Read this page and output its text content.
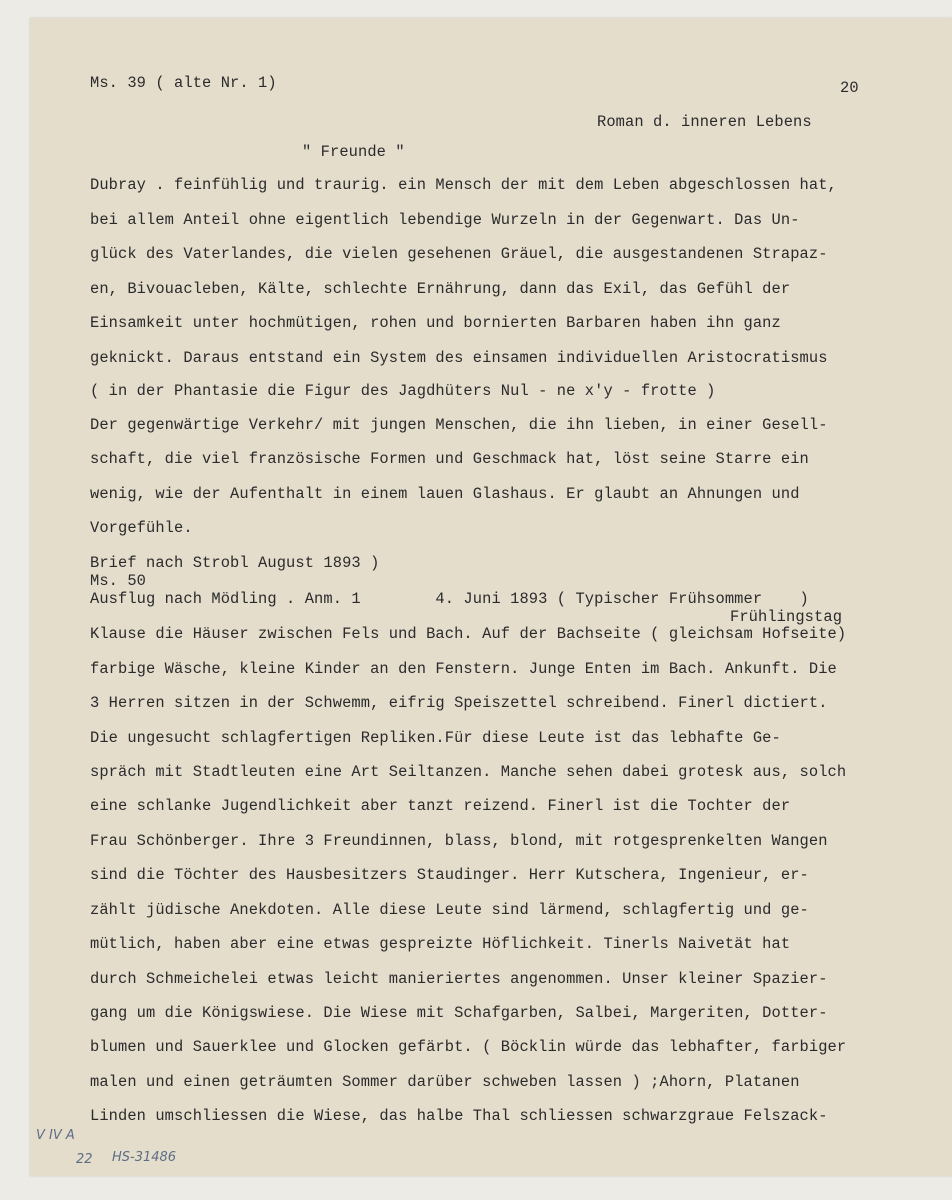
Ms. 39 ( alte Nr. 1)	20
Roman d. inneren Lebens
" Freunde "
Dubray . feinfühlig und traurig. ein Mensch der mit dem Leben abgeschlossen hat,
bei allem Anteil ohne eigentlich lebendige Wurzeln in der Gegenwart. Das Un-
glück des Vaterlandes, die vielen gesehenen Gräuel, die ausgestandenen Strapaz-
en, Bivouacleben, Kälte, schlechte Ernährung, dann das Exil, das Gefühl der
Einsamkeit unter hochmütigen, rohen und bornierten Barbaren haben ihn ganz
geknickt. Daraus entstand ein System des einsamen individuellen Aristocratismus
( in der Phantasie die Figur des Jagdhüters Nul - ne x'y - frotte )
Der gegenwärtige Verkehr/ mit jungen Menschen, die ihn lieben, in einer Gesell-
schaft, die viel französische Formen und Geschmack hat, löst seine Starre ein
wenig, wie der Aufenthalt in einem lauen Glashaus. Er glaubt an Ahnungen und
Vorgefühle.
Brief nach Strobl August 1893 )
Ms. 50
Ausflug nach Mödling . Anm. 1        4. Juni 1893 ( Typischer Frühsommer    )
Frühlingstag
Klause die Häuser zwischen Fels und Bach. Auf der Bachseite ( gleichsam Hofseite)
farbige Wäsche, kleine Kinder an den Fenstern. Junge Enten im Bach. Ankunft. Die
3 Herren sitzen in der Schwemm, eifrig Speiszettel schreibend. Finerl dictiert.
Die ungesucht schlagfertigen Repliken.Für diese Leute ist das lebhafte Ge-
spräch mit Stadtleuten eine Art Seiltanzen. Manche sehen dabei grotesk aus, solch
eine schlanke Jugendlichkeit aber tanzt reizend. Finerl ist die Tochter der
Frau Schönberger. Ihre 3 Freundinnen, blass, blond, mit rotgesprenkelten Wangen
sind die Töchter des Hausbesitzers Staudinger. Herr Kutschera, Ingenieur, er-
zählt jüdische Anekdoten. Alle diese Leute sind lärmend, schlagfertig und ge-
mütlich, haben aber eine etwas gespreizte Höflichkeit. Tinerls Naivetät hat
durch Schmeichelei etwas leicht manieriertes angenommen. Unser kleiner Spazier-
gang um die Königswiese. Die Wiese mit Schafgarben, Salbei, Margeriten, Dotter-
blumen und Sauerklee und Glocken gefärbt. ( Böcklin würde das lebhafter, farbiger
malen und einen geträumten Sommer darüber schweben lassen ) ;Ahorn, Platanen
Linden umschliessen die Wiese, das halbe Thal schliessen schwarzgraue Felszack-
V IV A
22 HS-31486
